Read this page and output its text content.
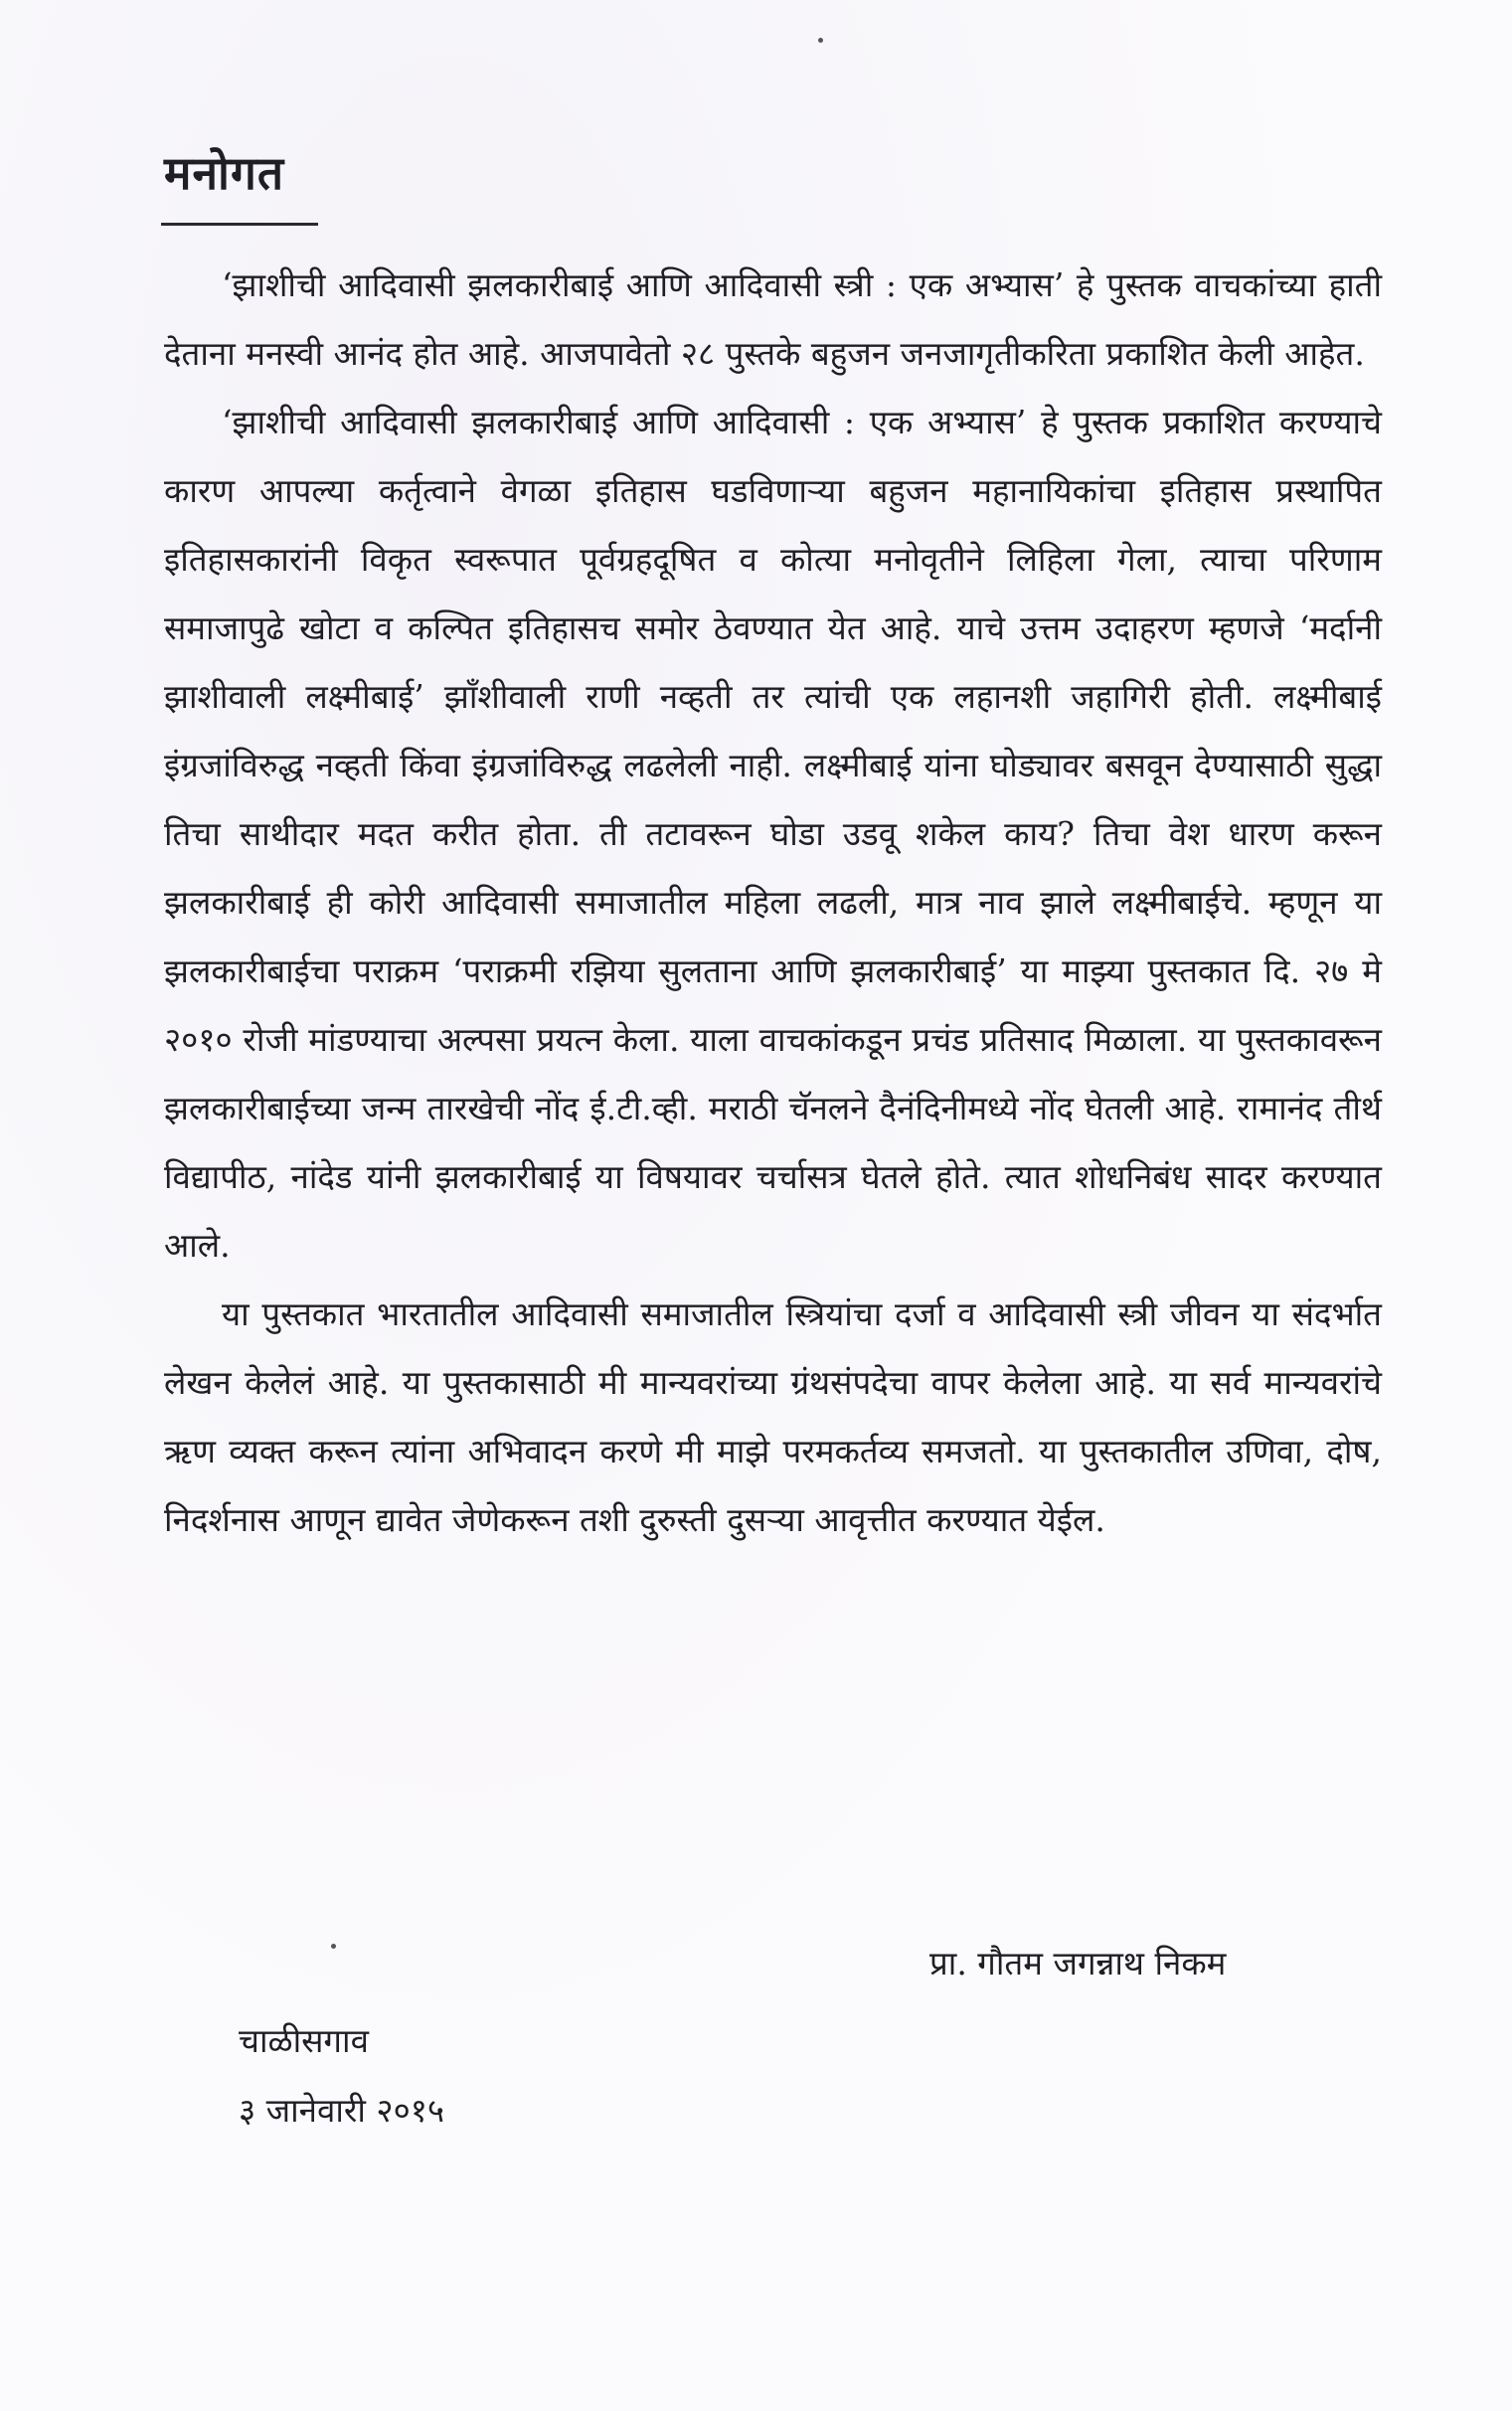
मनोगत

‘झाशीची आदिवासी झलकारीबाई आणि आदिवासी स्त्री : एक अभ्यास’ हे पुस्तक वाचकांच्या हाती देताना मनस्वी आनंद होत आहे. आजपावेतो २८ पुस्तके बहुजन जनजागृतीकरिता प्रकाशित केली आहेत.

‘झाशीची आदिवासी झलकारीबाई आणि आदिवासी : एक अभ्यास’ हे पुस्तक प्रकाशित करण्याचे कारण आपल्या कर्तृत्वाने वेगळा इतिहास घडविणाऱ्या बहुजन महानायिकांचा इतिहास प्रस्थापित इतिहासकारांनी विकृत स्वरूपात पूर्वग्रहदूषित व कोत्या मनोवृतीने लिहिला गेला, त्याचा परिणाम समाजापुढे खोटा व कल्पित इतिहासच समोर ठेवण्यात येत आहे. याचे उत्तम उदाहरण म्हणजे ‘मर्दानी झाशीवाली लक्ष्मीबाई’ झाँशीवाली राणी नव्हती तर त्यांची एक लहानशी जहागिरी होती. लक्ष्मीबाई इंग्रजांविरुद्ध नव्हती किंवा इंग्रजांविरुद्ध लढलेली नाही. लक्ष्मीबाई यांना घोड्यावर बसवून देण्यासाठी सुद्धा तिचा साथीदार मदत करीत होता. ती तटावरून घोडा उडवू शकेल काय? तिचा वेश धारण करून झलकारीबाई ही कोरी आदिवासी समाजातील महिला लढली, मात्र नाव झाले लक्ष्मीबाईचे. म्हणून या झलकारीबाईचा पराक्रम ‘पराक्रमी रझिया सुलताना आणि झलकारीबाई’ या माझ्या पुस्तकात दि. २७ मे २०१० रोजी मांडण्याचा अल्पसा प्रयत्न केला. याला वाचकांकडून प्रचंड प्रतिसाद मिळाला. या पुस्तकावरून झलकारीबाईच्या जन्म तारखेची नोंद ई.टी.व्ही. मराठी चॅनलने दैनंदिनीमध्ये नोंद घेतली आहे. रामानंद तीर्थ विद्यापीठ, नांदेड यांनी झलकारीबाई या विषयावर चर्चासत्र घेतले होते. त्यात शोधनिबंध सादर करण्यात आले.

या पुस्तकात भारतातील आदिवासी समाजातील स्त्रियांचा दर्जा व आदिवासी स्त्री जीवन या संदर्भात लेखन केलेलं आहे. या पुस्तकासाठी मी मान्यवरांच्या ग्रंथसंपदेचा वापर केलेला आहे. या सर्व मान्यवरांचे ऋण व्यक्त करून त्यांना अभिवादन करणे मी माझे परमकर्तव्य समजतो. या पुस्तकातील उणिवा, दोष, निदर्शनास आणून द्यावेत जेणेकरून तशी दुरुस्ती दुसऱ्या आवृत्तीत करण्यात येईल.

प्रा. गौतम जगन्नाथ निकम
चाळीसगाव
३ जानेवारी २०१५
